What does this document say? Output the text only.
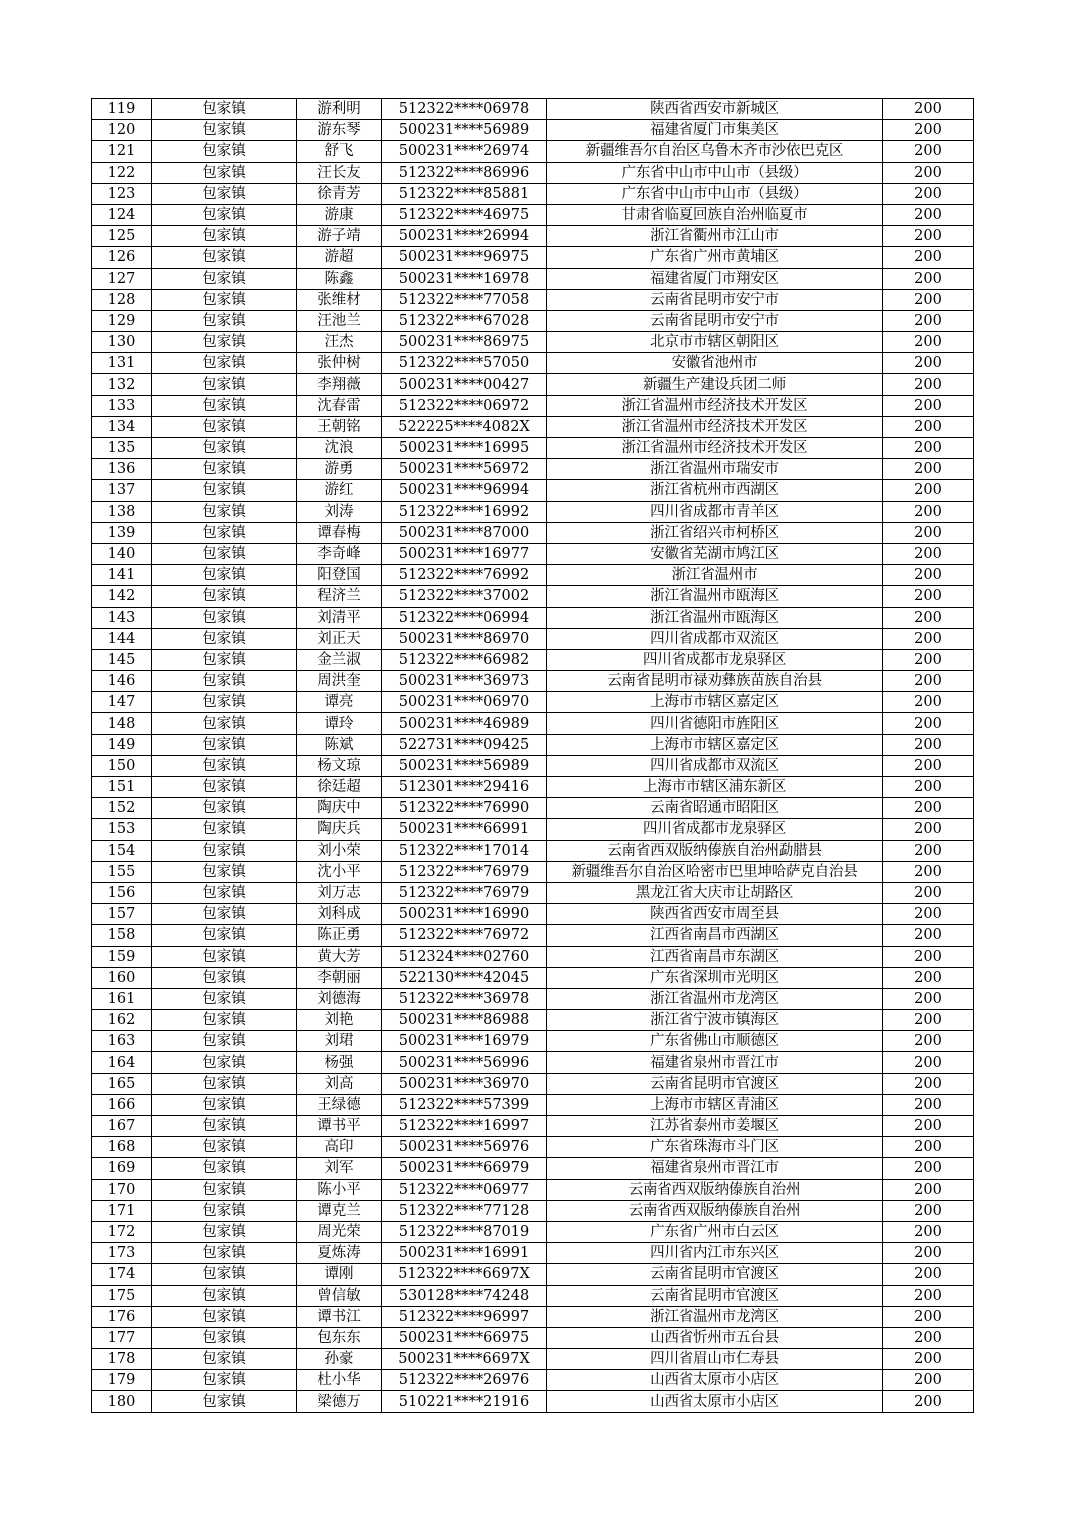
119	包家镇	游利明	512322****06978	陕西省西安市新城区	200
120	包家镇	游东琴	500231****56989	福建省厦门市集美区	200
121	包家镇	舒飞	500231****26974	新疆维吾尔自治区乌鲁木齐市沙依巴克区	200
122	包家镇	汪长友	512322****86996	广东省中山市中山市（县级）	200
123	包家镇	徐青芳	512322****85881	广东省中山市中山市（县级）	200
124	包家镇	游康	512322****46975	甘肃省临夏回族自治州临夏市	200
125	包家镇	游子靖	500231****26994	浙江省衢州市江山市	200
126	包家镇	游超	500231****96975	广东省广州市黄埔区	200
127	包家镇	陈鑫	500231****16978	福建省厦门市翔安区	200
128	包家镇	张维材	512322****77058	云南省昆明市安宁市	200
129	包家镇	汪池兰	512322****67028	云南省昆明市安宁市	200
130	包家镇	汪杰	500231****86975	北京市市辖区朝阳区	200
131	包家镇	张仲树	512322****57050	安徽省池州市	200
132	包家镇	李翔薇	500231****00427	新疆生产建设兵团二师	200
133	包家镇	沈春雷	512322****06972	浙江省温州市经济技术开发区	200
134	包家镇	王朝铭	522225****4082X	浙江省温州市经济技术开发区	200
135	包家镇	沈浪	500231****16995	浙江省温州市经济技术开发区	200
136	包家镇	游勇	500231****56972	浙江省温州市瑞安市	200
137	包家镇	游红	500231****96994	浙江省杭州市西湖区	200
138	包家镇	刘涛	512322****16992	四川省成都市青羊区	200
139	包家镇	谭春梅	500231****87000	浙江省绍兴市柯桥区	200
140	包家镇	李奇峰	500231****16977	安徽省芜湖市鸠江区	200
141	包家镇	阳登国	512322****76992	浙江省温州市	200
142	包家镇	程济兰	512322****37002	浙江省温州市瓯海区	200
143	包家镇	刘清平	512322****06994	浙江省温州市瓯海区	200
144	包家镇	刘正天	500231****86970	四川省成都市双流区	200
145	包家镇	金兰淑	512322****66982	四川省成都市龙泉驿区	200
146	包家镇	周洪奎	500231****36973	云南省昆明市禄劝彝族苗族自治县	200
147	包家镇	谭亮	500231****06970	上海市市辖区嘉定区	200
148	包家镇	谭玲	500231****46989	四川省德阳市旌阳区	200
149	包家镇	陈斌	522731****09425	上海市市辖区嘉定区	200
150	包家镇	杨文琼	500231****56989	四川省成都市双流区	200
151	包家镇	徐廷超	512301****29416	上海市市辖区浦东新区	200
152	包家镇	陶庆中	512322****76990	云南省昭通市昭阳区	200
153	包家镇	陶庆兵	500231****66991	四川省成都市龙泉驿区	200
154	包家镇	刘小荣	512322****17014	云南省西双版纳傣族自治州勐腊县	200
155	包家镇	沈小平	512322****76979	新疆维吾尔自治区哈密市巴里坤哈萨克自治县	200
156	包家镇	刘万志	512322****76979	黑龙江省大庆市让胡路区	200
157	包家镇	刘科成	500231****16990	陕西省西安市周至县	200
158	包家镇	陈正勇	512322****76972	江西省南昌市西湖区	200
159	包家镇	黄大芳	512324****02760	江西省南昌市东湖区	200
160	包家镇	李朝丽	522130****42045	广东省深圳市光明区	200
161	包家镇	刘德海	512322****36978	浙江省温州市龙湾区	200
162	包家镇	刘艳	500231****86988	浙江省宁波市镇海区	200
163	包家镇	刘珺	500231****16979	广东省佛山市顺德区	200
164	包家镇	杨强	500231****56996	福建省泉州市晋江市	200
165	包家镇	刘高	500231****36970	云南省昆明市官渡区	200
166	包家镇	王绿德	512322****57399	上海市市辖区青浦区	200
167	包家镇	谭书平	512322****16997	江苏省泰州市姜堰区	200
168	包家镇	高印	500231****56976	广东省珠海市斗门区	200
169	包家镇	刘军	500231****66979	福建省泉州市晋江市	200
170	包家镇	陈小平	512322****06977	云南省西双版纳傣族自治州	200
171	包家镇	谭克兰	512322****77128	云南省西双版纳傣族自治州	200
172	包家镇	周光荣	512322****87019	广东省广州市白云区	200
173	包家镇	夏炼涛	500231****16991	四川省内江市东兴区	200
174	包家镇	谭刚	512322****6697X	云南省昆明市官渡区	200
175	包家镇	曾信敏	530128****74248	云南省昆明市官渡区	200
176	包家镇	谭书江	512322****96997	浙江省温州市龙湾区	200
177	包家镇	包东东	500231****66975	山西省忻州市五台县	200
178	包家镇	孙豪	500231****6697X	四川省眉山市仁寿县	200
179	包家镇	杜小华	512322****26976	山西省太原市小店区	200
180	包家镇	梁德万	510221****21916	山西省太原市小店区	200
